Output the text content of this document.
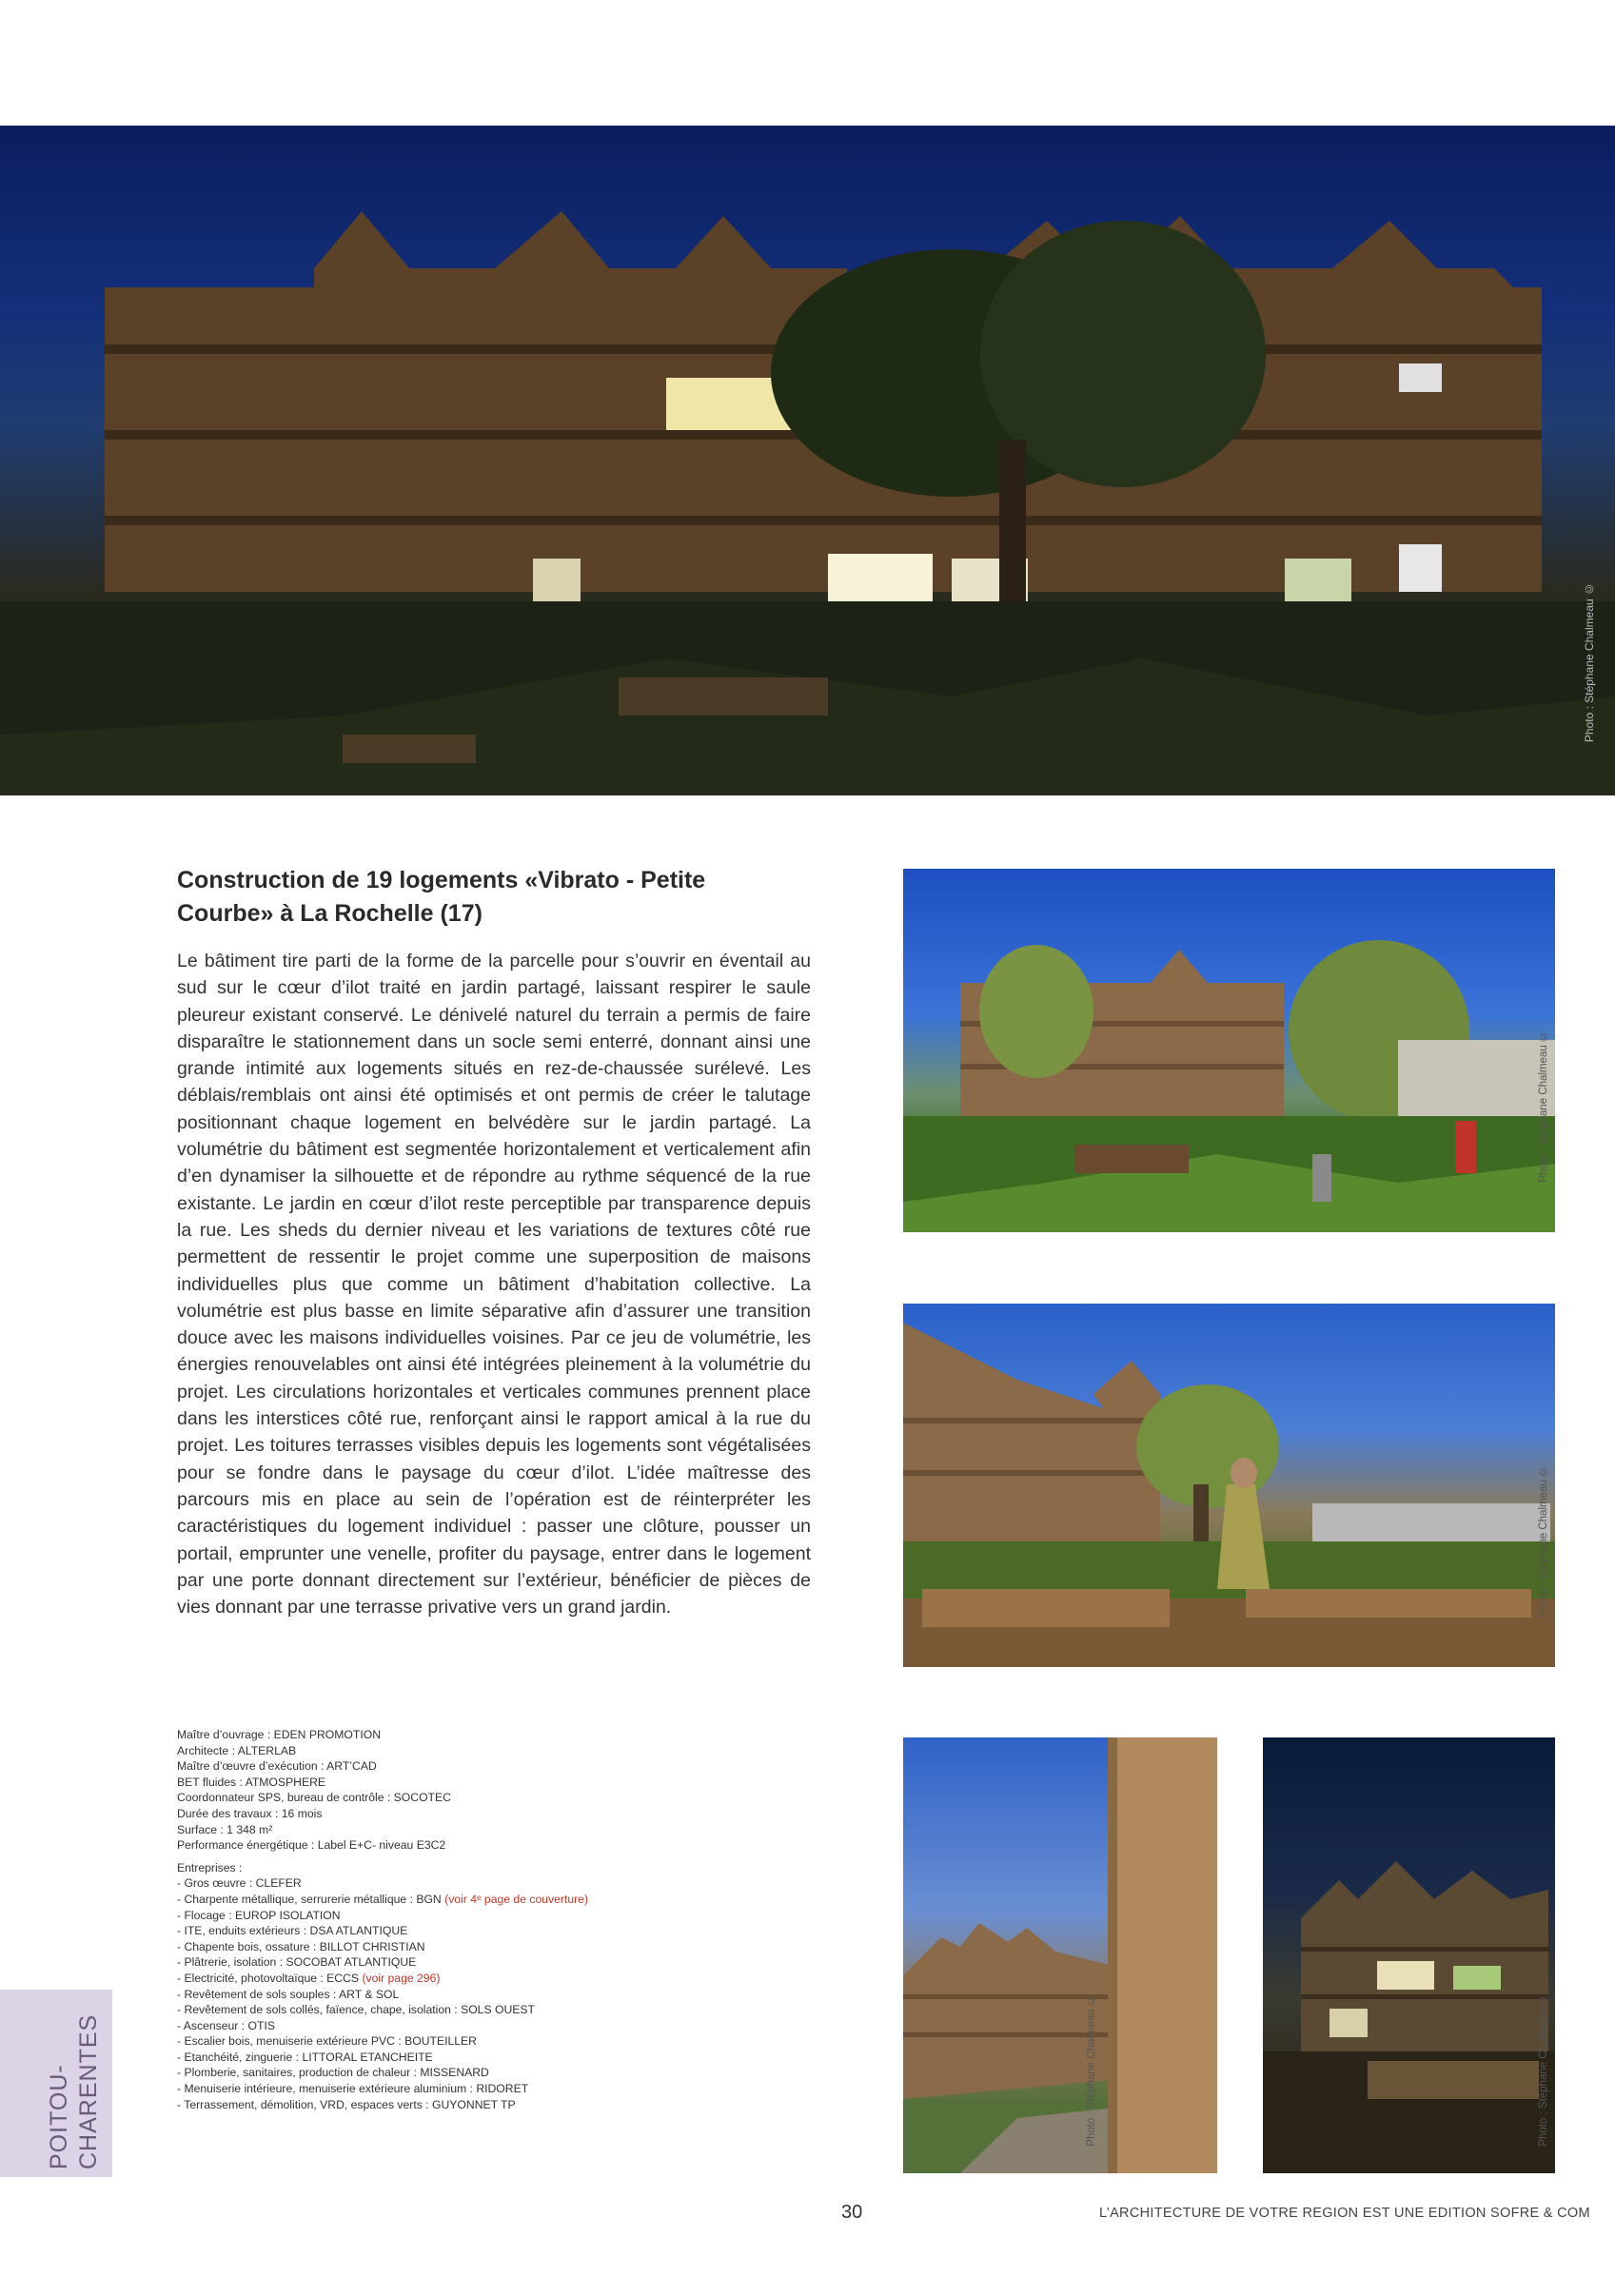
Photo : Stéphane Chalmeau ©
Construction de 19 logements «Vibrato - Petite
Courbe» à La Rochelle (17)

Le bâtiment tire parti de la forme de la parcelle pour s’ouvrir en éventail au sud sur le cœur d’ilot traité en jardin partagé, laissant respirer le saule pleureur existant conservé. Le dénivelé naturel du terrain a permis de faire disparaître le stationnement dans un socle semi enterré, donnant ainsi une grande intimité aux logements situés en rez-de-chaussée surélevé. Les déblais/remblais ont ainsi été optimisés et ont permis de créer le talutage positionnant chaque logement en belvédère sur le jardin partagé. La volumétrie du bâtiment est segmentée horizontalement et verticalement afin d’en dynamiser la silhouette et de répondre au rythme séquencé de la rue existante. Le jardin en cœur d’ilot reste perceptible par transparence depuis la rue. Les sheds du dernier niveau et les variations de textures côté rue permettent de ressentir le projet comme une superposition de maisons individuelles plus que comme un bâtiment d’habitation collective. La volumétrie est plus basse en limite séparative afin d’assurer une transition douce avec les maisons individuelles voisines. Par ce jeu de volumétrie, les énergies renouvelables ont ainsi été intégrées pleinement à la volumétrie du projet. Les circulations horizontales et verticales communes prennent place dans les interstices côté rue, renforçant ainsi le rapport amical à la rue du projet. Les toitures terrasses visibles depuis les logements sont végétalisées pour se fondre dans le paysage du cœur d’ilot. L’idée maîtresse des parcours mis en place au sein de l’opération est de réinterpréter les caractéristiques du logement individuel : passer une clôture, pousser un portail, emprunter une venelle, profiter du paysage, entrer dans le logement par une porte donnant directement sur l’extérieur, bénéficier de pièces de vies donnant par une terrasse privative vers un grand jardin.

Maître d’ouvrage : EDEN PROMOTION
Architecte : ALTERLAB
Maître d’œuvre d’exécution : ART’CAD
BET fluides : ATMOSPHERE
Coordonnateur SPS, bureau de contrôle : SOCOTEC
Durée des travaux : 16 mois
Surface : 1 348 m²
Performance énergétique : Label E+C- niveau E3C2
Entreprises :
- Gros œuvre : CLEFER
- Charpente métallique, serrurerie métallique : BGN (voir 4ᵉ page de couverture)
- Flocage : EUROP ISOLATION
- ITE, enduits extérieurs : DSA ATLANTIQUE
- Chapente bois, ossature : BILLOT CHRISTIAN
- Plâtrerie, isolation : SOCOBAT ATLANTIQUE
- Electricité, photovoltaïque : ECCS (voir page 296)
- Revêtement de sols souples : ART & SOL
- Revêtement de sols collés, faïence, chape, isolation : SOLS OUEST
- Ascenseur : OTIS
- Escalier bois, menuiserie extérieure PVC : BOUTEILLER
- Etanchéité, zinguerie : LITTORAL ETANCHEITE
- Plomberie, sanitaires, production de chaleur : MISSENARD
- Menuiserie intérieure, menuiserie extérieure aluminium : RIDORET
- Terrassement, démolition, VRD, espaces verts : GUYONNET TP
POITOU- CHARENTES
Photo : Stéphane Chalmeau ©
Photo : Stéphane Chalmeau ©
Photo : Stéphane Chalmeau ©	Photo : Stéphane Chalmeau ©
30	L’ARCHITECTURE DE VOTRE REGION EST UNE EDITION SOFRE & COM
